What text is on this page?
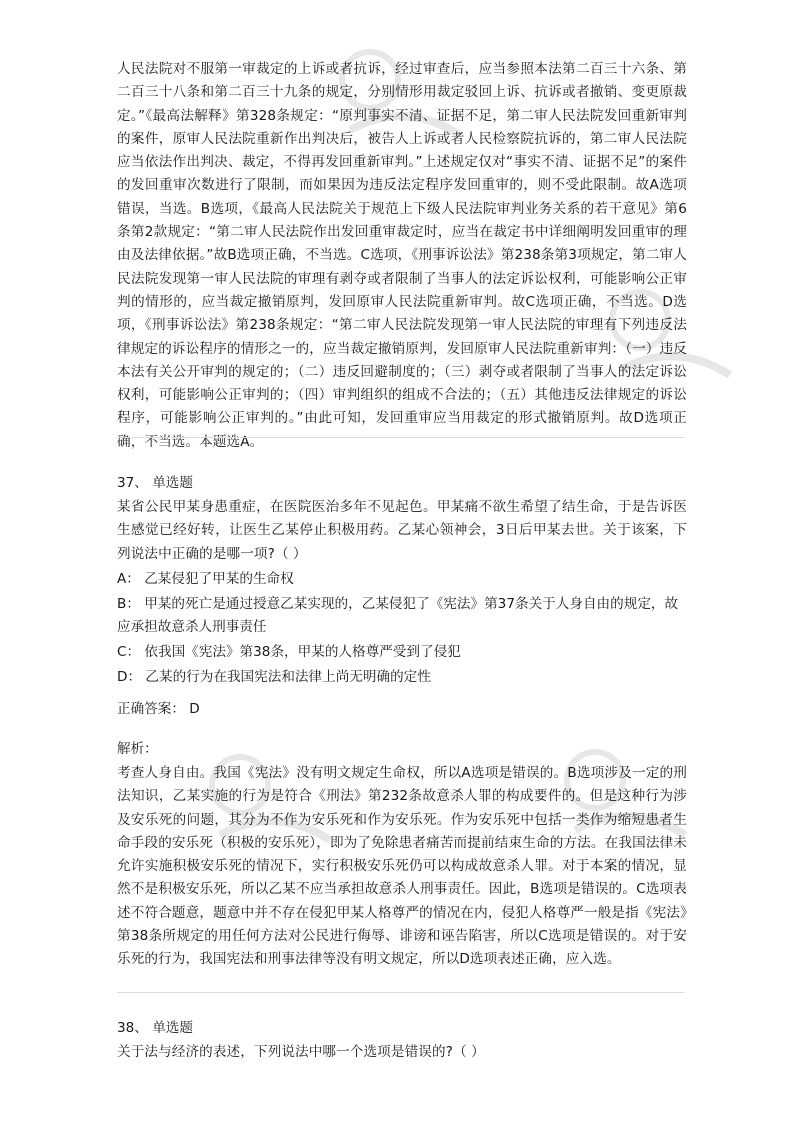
人民法院对不服第一审裁定的上诉或者抗诉，经过审查后，应当参照本法第二百三十六条、第二百三十八条和第二百三十九条的规定，分别情形用裁定驳回上诉、抗诉或者撤销、变更原裁定。”《最高法解释》第328条规定：“原判事实不清、证据不足，第二审人民法院发回重新审判的案件，原审人民法院重新作出判决后，被告人上诉或者人民检察院抗诉的，第二审人民法院应当依法作出判决、裁定，不得再发回重新审判。”上述规定仅对“事实不清、证据不足”的案件的发回重审次数进行了限制，而如果因为违反法定程序发回重审的，则不受此限制。故A选项错误，当选。B选项，《最高人民法院关于规范上下级人民法院审判业务关系的若干意见》第6条第2款规定：“第二审人民法院作出发回重审裁定时，应当在裁定书中详细阐明发回重审的理由及法律依据。”故B选项正确，不当选。C选项，《刑事诉讼法》第238条第3项规定，第二审人民法院发现第一审人民法院的审理有剥夺或者限制了当事人的法定诉讼权利，可能影响公正审判的情形的，应当裁定撤销原判，发回原审人民法院重新审判。故C选项正确，不当选。D选项，《刑事诉讼法》第238条规定：“第二审人民法院发现第一审人民法院的审理有下列违反法律规定的诉讼程序的情形之一的，应当裁定撤销原判，发回原审人民法院重新审判：（一）违反本法有关公开审判的规定的；（二）违反回避制度的；（三）剥夺或者限制了当事人的法定诉讼权利，可能影响公正审判的；（四）审判组织的组成不合法的；（五）其他违反法律规定的诉讼程序，可能影响公正审判的。”由此可知，发回重审应当用裁定的形式撤销原判。故D选项正确，不当选。本题选A。

37、 单选题

某省公民甲某身患重症，在医院医治多年不见起色。甲某痛不欲生希望了结生命，于是告诉医生感觉已经好转，让医生乙某停止积极用药。乙某心领神会，3日后甲某去世。关于该案，下列说法中正确的是哪一项?（ ）

A： 乙某侵犯了甲某的生命权

B： 甲某的死亡是通过授意乙某实现的，乙某侵犯了《宪法》第37条关于人身自由的规定，故应承担故意杀人刑事责任

C： 依我国《宪法》第38条，甲某的人格尊严受到了侵犯

D： 乙某的行为在我国宪法和法律上尚无明确的定性

正确答案： D
解析：

考查人身自由。我国《宪法》没有明文规定生命权，所以A选项是错误的。B选项涉及一定的刑法知识，乙某实施的行为是符合《刑法》第232条故意杀人罪的构成要件的。但是这种行为涉及安乐死的问题，其分为不作为安乐死和作为安乐死。作为安乐死中包括一类作为缩短患者生命手段的安乐死（积极的安乐死），即为了免除患者痛苦而提前结束生命的方法。在我国法律未允许实施积极安乐死的情况下，实行积极安乐死仍可以构成故意杀人罪。对于本案的情况，显然不是积极安乐死，所以乙某不应当承担故意杀人刑事责任。因此，B选项是错误的。C选项表述不符合题意，题意中并不存在侵犯甲某人格尊严的情况在内，侵犯人格尊严一般是指《宪法》第38条所规定的用任何方法对公民进行侮辱、诽谤和诬告陷害，所以C选项是错误的。对于安乐死的行为，我国宪法和刑事法律等没有明文规定，所以D选项表述正确，应入选。

38、 单选题

关于法与经济的表述，下列说法中哪一个选项是错误的?（ ）
